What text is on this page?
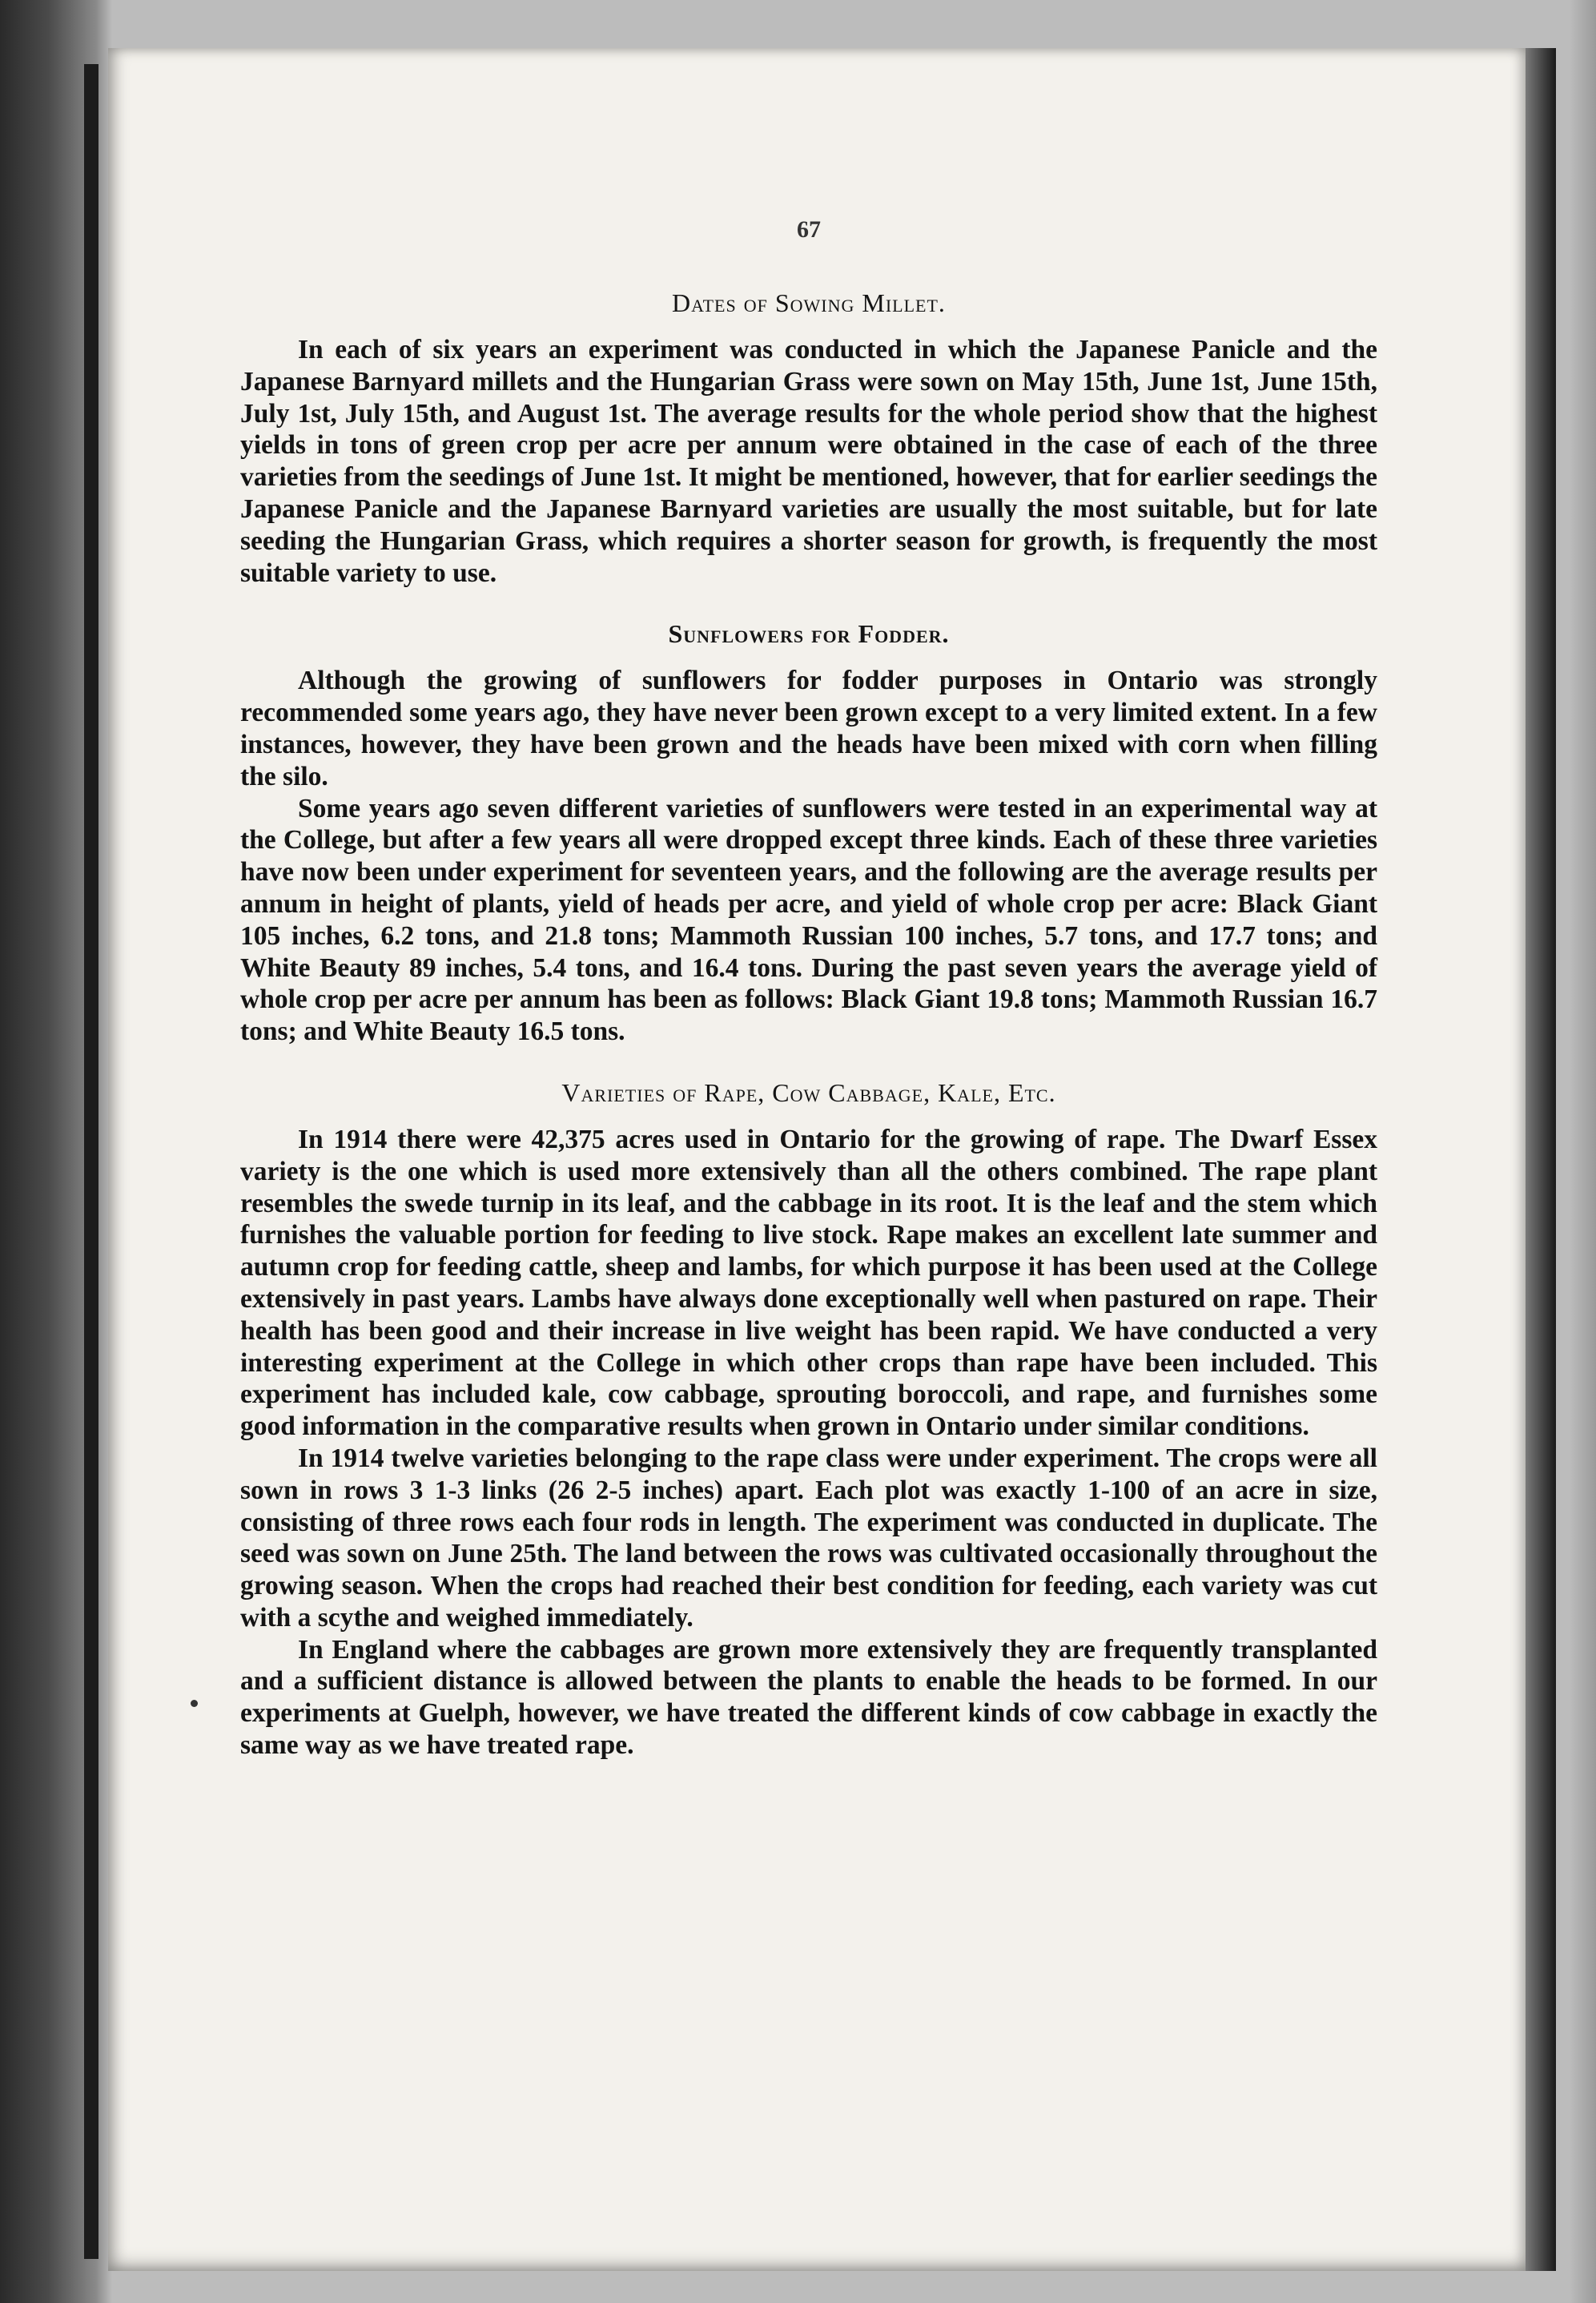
67
Dates of Sowing Millet.

In each of six years an experiment was conducted in which the Japanese Panicle and the Japanese Barnyard millets and the Hungarian Grass were sown on May 15th, June 1st, June 15th, July 1st, July 15th, and August 1st. The average results for the whole period show that the highest yields in tons of green crop per acre per annum were obtained in the case of each of the three varieties from the seedings of June 1st. It might be mentioned, however, that for earlier seedings the Japanese Panicle and the Japanese Barnyard varieties are usually the most suitable, but for late seeding the Hungarian Grass, which requires a shorter season for growth, is frequently the most suitable variety to use.

Sunflowers for Fodder.

Although the growing of sunflowers for fodder purposes in Ontario was strongly recommended some years ago, they have never been grown except to a very limited extent. In a few instances, however, they have been grown and the heads have been mixed with corn when filling the silo.

Some years ago seven different varieties of sunflowers were tested in an experimental way at the College, but after a few years all were dropped except three kinds. Each of these three varieties have now been under experiment for seventeen years, and the following are the average results per annum in height of plants, yield of heads per acre, and yield of whole crop per acre: Black Giant 105 inches, 6.2 tons, and 21.8 tons; Mammoth Russian 100 inches, 5.7 tons, and 17.7 tons; and White Beauty 89 inches, 5.4 tons, and 16.4 tons. During the past seven years the average yield of whole crop per acre per annum has been as follows: Black Giant 19.8 tons; Mammoth Russian 16.7 tons; and White Beauty 16.5 tons.

Varieties of Rape, Cow Cabbage, Kale, Etc.

In 1914 there were 42,375 acres used in Ontario for the growing of rape. The Dwarf Essex variety is the one which is used more extensively than all the others combined. The rape plant resembles the swede turnip in its leaf, and the cabbage in its root. It is the leaf and the stem which furnishes the valuable portion for feeding to live stock. Rape makes an excellent late summer and autumn crop for feeding cattle, sheep and lambs, for which purpose it has been used at the College extensively in past years. Lambs have always done exceptionally well when pastured on rape. Their health has been good and their increase in live weight has been rapid. We have conducted a very interesting experiment at the College in which other crops than rape have been included. This experiment has included kale, cow cabbage, sprouting boroccoli, and rape, and furnishes some good information in the comparative results when grown in Ontario under similar conditions.

In 1914 twelve varieties belonging to the rape class were under experiment. The crops were all sown in rows 3 1-3 links (26 2-5 inches) apart. Each plot was exactly 1-100 of an acre in size, consisting of three rows each four rods in length. The experiment was conducted in duplicate. The seed was sown on June 25th. The land between the rows was cultivated occasionally throughout the growing season. When the crops had reached their best condition for feeding, each variety was cut with a scythe and weighed immediately.

In England where the cabbages are grown more extensively they are frequently transplanted and a sufficient distance is allowed between the plants to enable the heads to be formed. In our experiments at Guelph, however, we have treated the different kinds of cow cabbage in exactly the same way as we have treated rape.
